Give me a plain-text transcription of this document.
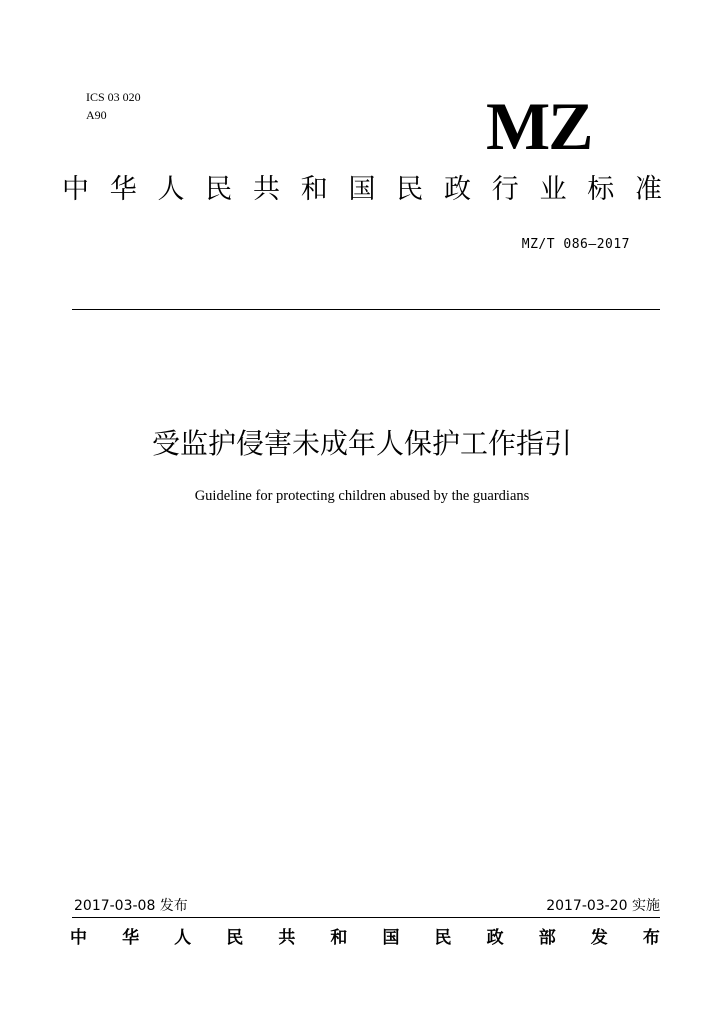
ICS 03 020
A90	MZ
中 华 人 民 共 和 国 民 政 行 业 标 准
MZ/T 086—2017
受监护侵害未成年人保护工作指引
Guideline for protecting children abused by the guardians
2017-03-08 发布	2017-03-20 实施
中 华 人 民 共 和 国 民 政 部 发 布
